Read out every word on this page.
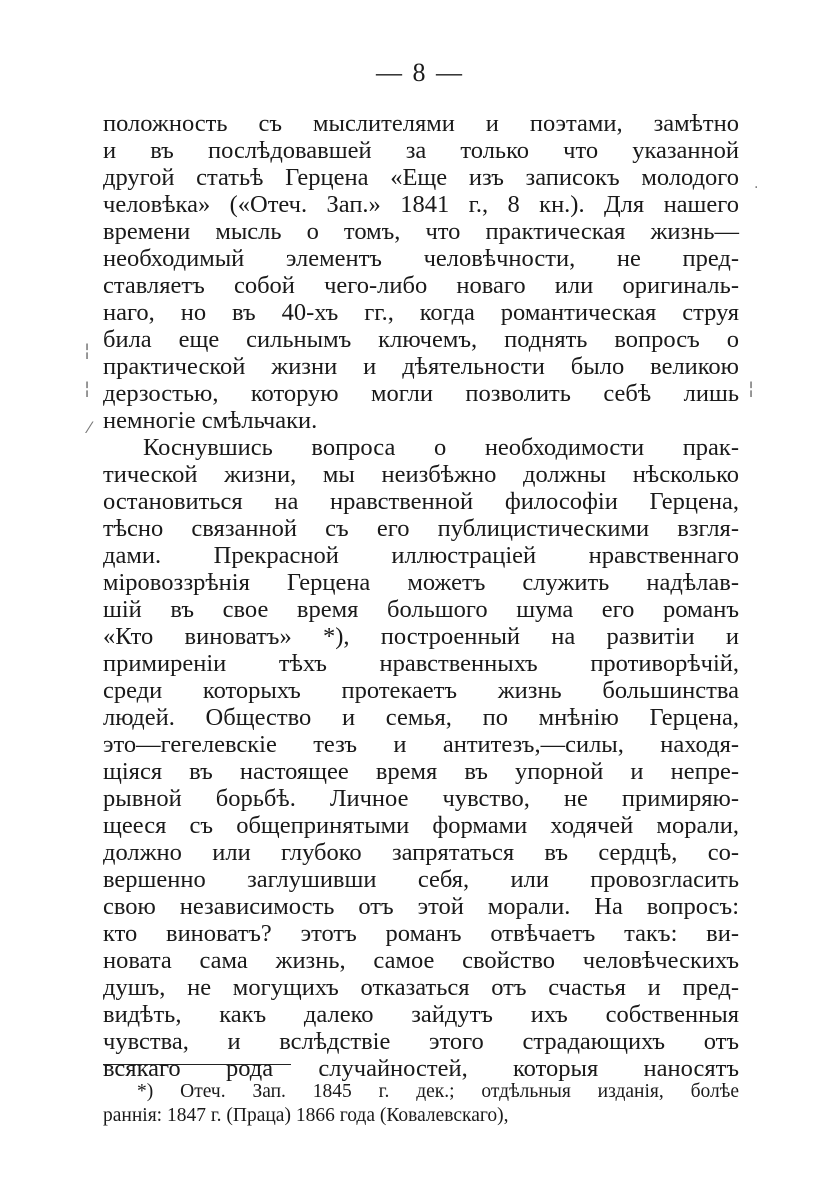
— 8 —
положность съ мыслителями и поэтами, замѣтно
и въ послѣдовавшей за только что указанной
другой статьѣ Герцена «Еще изъ записокъ молодого
человѣка» («Отеч. Зап.» 1841 г., 8 кн.). Для нашего
времени мысль о томъ, что практическая жизнь—
необходимый элементъ человѣчности, не пред-
ставляетъ собой чего-либо новаго или оригиналь-
наго, но въ 40-хъ гг., когда романтическая струя
била еще сильнымъ ключемъ, поднять вопросъ о
практической жизни и дѣятельности было великою
дерзостью, которую могли позволить себѣ лишь
немногіе смѣльчаки.
Коснувшись вопроса о необходимости прак-
тической жизни, мы неизбѣжно должны нѣсколько
остановиться на нравственной философіи Герцена,
тѣсно связанной съ его публицистическими взгля-
дами. Прекрасной иллюстраціей нравственнаго
міровоззрѣнія Герцена можетъ служить надѣлав-
шій въ свое время большого шума его романъ
«Кто виноватъ» *), построенный на развитіи и
примиреніи тѣхъ нравственныхъ противорѣчій,
среди которыхъ протекаетъ жизнь большинства
людей. Общество и семья, по мнѣнію Герцена,
это—гегелевскіе тезъ и антитезъ,—силы, находя-
щіяся въ настоящее время въ упорной и непре-
рывной борьбѣ. Личное чувство, не примиряю-
щееся съ общепринятыми формами ходячей морали,
должно или глубоко запрятаться въ сердцѣ, со-
вершенно заглушивши себя, или провозгласить
свою независимость отъ этой морали. На вопросъ:
кто виноватъ? этотъ романъ отвѣчаетъ такъ: ви-
новата сама жизнь, самое свойство человѣческихъ
душъ, не могущихъ отказаться отъ счастья и пред-
видѣть, какъ далеко зайдутъ ихъ собственныя
чувства, и вслѣдствіе этого страдающихъ отъ
всякаго рода случайностей, которыя наносятъ
*) Отеч. Зап. 1845 г. дек.; отдѣльныя изданія, болѣе
раннія: 1847 г. (Праца) 1866 года (Ковалевскаго),
¦
¦
⁄
¦
·
